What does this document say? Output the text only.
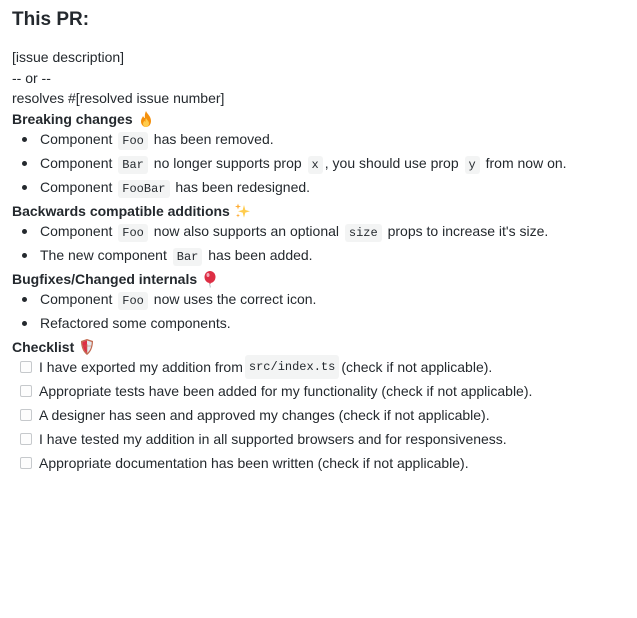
This PR:
[issue description]
-- or --
resolves #[resolved issue number]
Breaking changes
Component Foo has been removed.
Component Bar no longer supports prop x , you should use prop y from now on.
Component FooBar has been redesigned.
Backwards compatible additions
Component Foo now also supports an optional size props to increase it's size.
The new component Bar has been added.
Bugfixes/Changed internals
Component Foo now uses the correct icon.
Refactored some components.
Checklist
I have exported my addition from src/index.ts (check if not applicable).
Appropriate tests have been added for my functionality (check if not applicable).
A designer has seen and approved my changes (check if not applicable).
I have tested my addition in all supported browsers and for responsiveness.
Appropriate documentation has been written (check if not applicable).
